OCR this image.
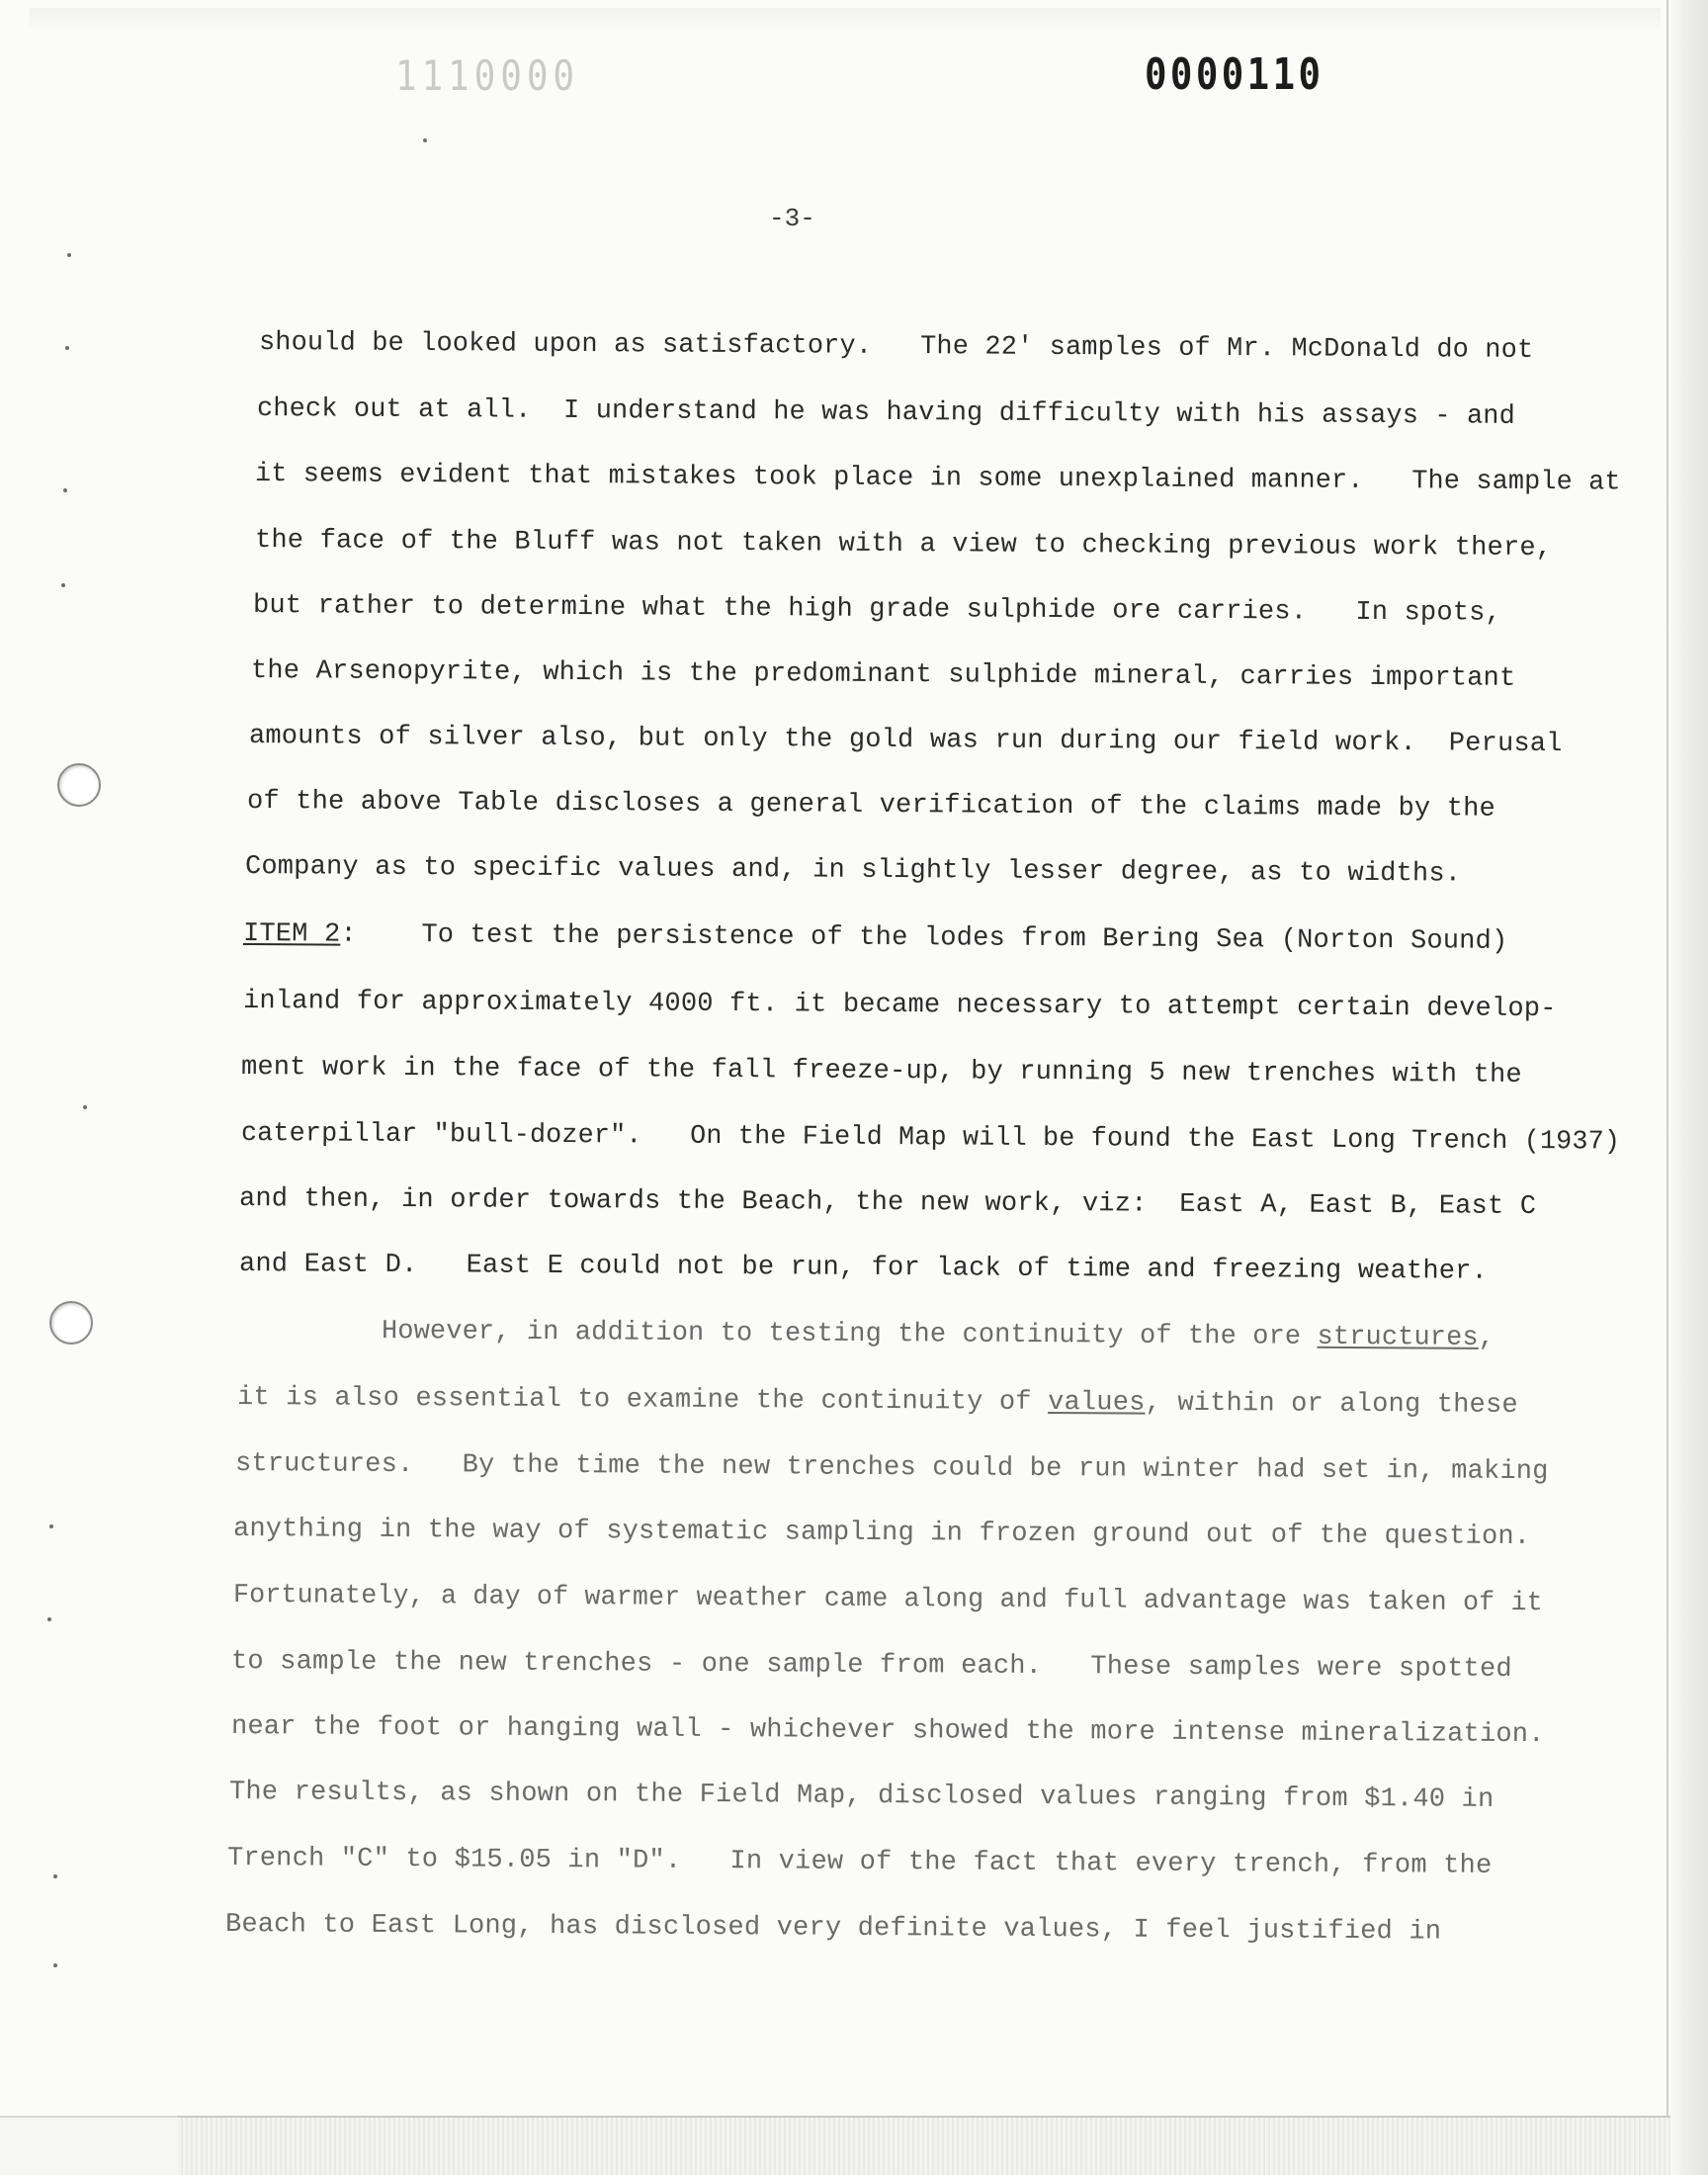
1110000	0000110
-3-
should be looked upon as satisfactory.   The 22' samples of Mr. McDonald do not
check out at all.  I understand he was having difficulty with his assays - and
it seems evident that mistakes took place in some unexplained manner.   The sample at
the face of the Bluff was not taken with a view to checking previous work there,
but rather to determine what the high grade sulphide ore carries.   In spots,
the Arsenopyrite, which is the predominant sulphide mineral, carries important
amounts of silver also, but only the gold was run during our field work.  Perusal
of the above Table discloses a general verification of the claims made by the
Company as to specific values and, in slightly lesser degree, as to widths.
ITEM 2:    To test the persistence of the lodes from Bering Sea (Norton Sound)
inland for approximately 4000 ft. it became necessary to attempt certain develop-
ment work in the face of the fall freeze-up, by running 5 new trenches with the
caterpillar "bull-dozer".   On the Field Map will be found the East Long Trench (1937)
and then, in order towards the Beach, the new work, viz:  East A, East B, East C
and East D.   East E could not be run, for lack of time and freezing weather.
However, in addition to testing the continuity of the ore structures,
it is also essential to examine the continuity of values, within or along these
structures.   By the time the new trenches could be run winter had set in, making
anything in the way of systematic sampling in frozen ground out of the question.
Fortunately, a day of warmer weather came along and full advantage was taken of it
to sample the new trenches - one sample from each.   These samples were spotted
near the foot or hanging wall - whichever showed the more intense mineralization.
The results, as shown on the Field Map, disclosed values ranging from $1.40 in
Trench "C" to $15.05 in "D".   In view of the fact that every trench, from the
Beach to East Long, has disclosed very definite values, I feel justified in
